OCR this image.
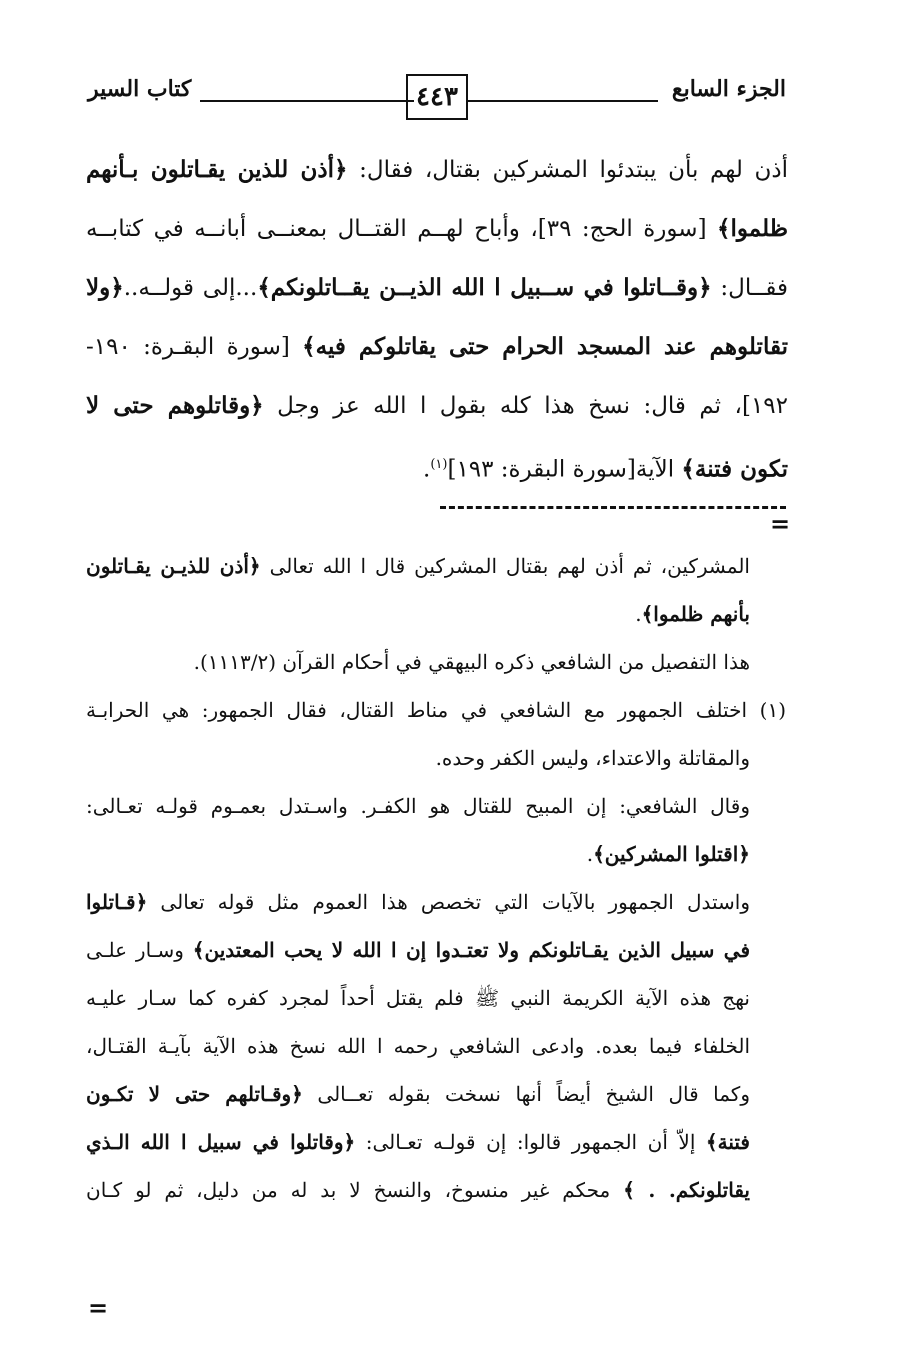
الجزء السابع
٤٤٣
كتاب السير
أذن لهم بأن يبتدئوا المشركين بقتال، فقال: ﴿أذن للذين يقـاتلون بـأنهم
ظلموا﴾ [سورة الحج: ٣٩]، وأباح لهــم القتــال بمعنــى أبانــه في كتابــه
فقــال: ﴿وقــاتلوا في ســبيل ا الله الذيــن يقــاتلونكم﴾...إلى قولــه..﴿ولا
تقاتلوهم عند المسجد الحرام حتى يقاتلوكم فيه﴾ [سورة البقـرة: ١٩٠-
١٩٢]، ثم قال: نسخ هذا كله بقول ا الله عز وجل ﴿وقاتلوهم حتى لا
تكون فتنة﴾ الآية[سورة البقرة: ١٩٣]$^{(١)}$.
=
المشركين، ثم أذن لهم بقتال المشركين قال ا الله تعالى ﴿أذن للذيـن يقـاتلون
بأنهم ظلموا﴾.
هذا التفصيل من الشافعي ذكره البيهقي في أحكام القرآن (١١١٣/٢).
(١) اختلف الجمهور مع الشافعي في مناط القتال، فقال الجمهور: هي الحرابـة
والمقاتلة والاعتداء، وليس الكفر وحده.
وقال الشافعي: إن المبيح للقتال هو الكفـر. واسـتدل بعمـوم قولـه تعـالى:
﴿اقتلوا المشركين﴾.
واستدل الجمهور بالآيات التي تخصص هذا العموم مثل قوله تعالى ﴿قـاتلوا
في سبيل الذين يقـاتلونكم ولا تعتـدوا إن ا الله لا يحب المعتدين﴾ وسـار علـى
نهج هذه الآية الكريمة النبي ﷺ فلم يقتل أحداً لمجرد كفره كما سـار عليـه
الخلفاء فيما بعده. وادعى الشافعي رحمه ا الله نسخ هذه الآية بآيـة القتـال،
وكما قال الشيخ أيضاً أنها نسخت بقوله تعــالى ﴿وقـاتلهم حتى لا تكـون
فتنة﴾ إلاّ أن الجمهور قالوا: إن قولـه تعـالى: ﴿وقاتلوا في سبيل ا الله الـذي
يقاتلونكم. . ﴾ محكم غير منسوخ، والنسخ لا بد له من دليل، ثم لو كـان
=
